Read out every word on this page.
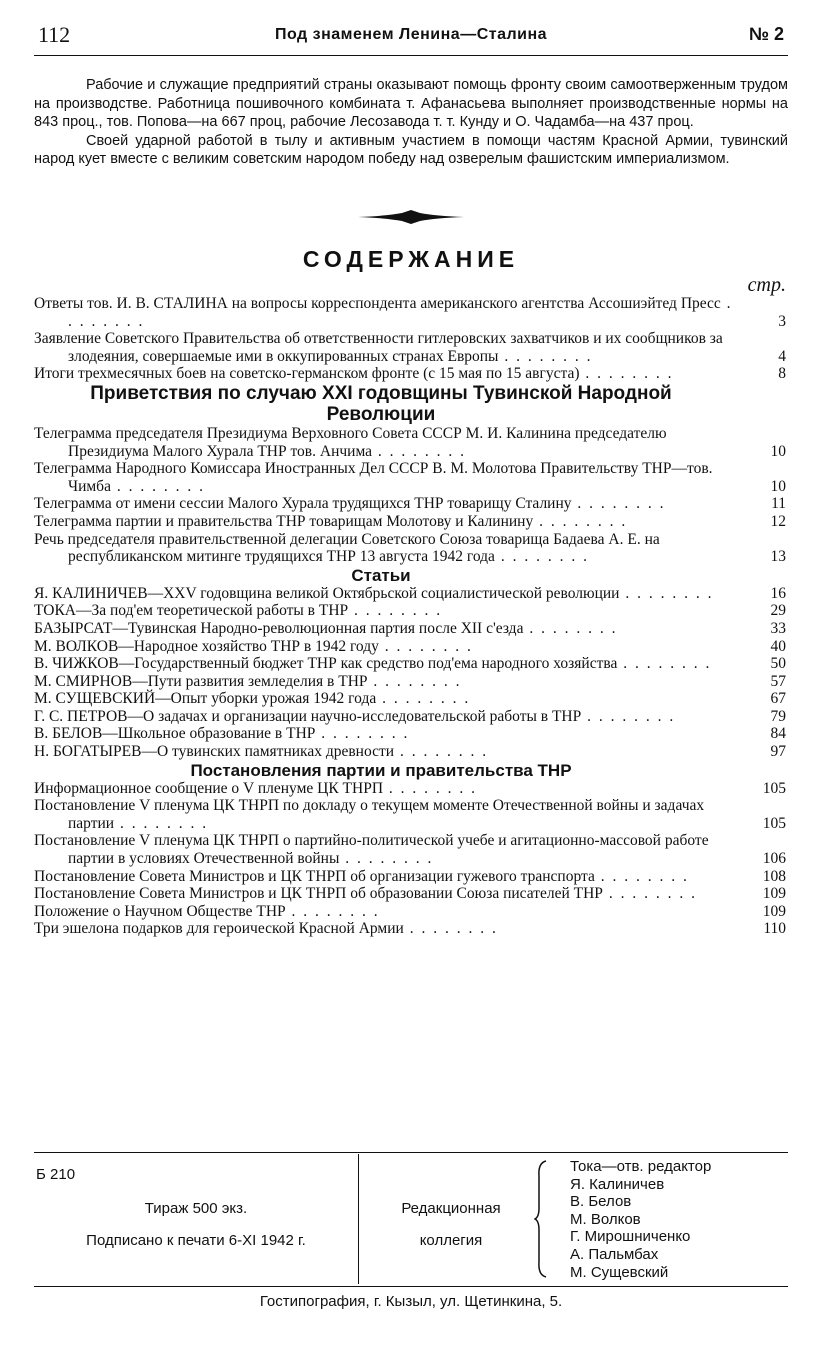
112	Под знаменем Ленина—Сталина	№ 2

Рабочие и служащие предприятий страны оказывают помощь фронту своим самоотверженным трудом на производстве. Работница пошивочного комбината т. Афанасьева выполняет производственные нормы на 843 проц., тов. Попова—на 667 проц, рабочие Лесозавода т. т. Кунду и О. Чадамба—на 437 проц.

Своей ударной работой в тылу и активным участием в помощи частям Красной Армии, тувинский народ кует вместе с великим советским народом победу над озверелым фашистским империализмом.

СОДЕРЖАНИЕ
стр.
Ответы тов. И. В. СТАЛИНА на вопросы корреспондента американского агентства Ассошиэйтед Пресс . . . . . . . .	3
Заявление Советского Правительства об ответственности гитлеровских захватчиков и их сообщников за злодеяния, совершаемые ими в оккупированных странах Европы . . . . . . . .	4
Итоги трехмесячных боев на советско-германском фронте (с 15 мая по 15 августа) . . . . . . . .	8
Приветствия по случаю XXI годовщины Тувинской Народной Революции
Телеграмма председателя Президиума Верховного Совета СССР М. И. Калинина председателю Президиума Малого Хурала ТНР тов. Анчима . . . . . . . .	10
Телеграмма Народного Комиссара Иностранных Дел СССР В. М. Молотова Правительству ТНР—тов. Чимба . . . . . . . .	10
Телеграмма от имени сессии Малого Хурала трудящихся ТНР товарищу Сталину . . . . . . . .	11
Телеграмма партии и правительства ТНР товарищам Молотову и Калинину . . . . . . . .	12
Речь председателя правительственной делегации Советского Союза товарища Бадаева А. Е. на республиканском митинге трудящихся ТНР 13 августа 1942 года . . . . . . . .	13
Статьи
Я. КАЛИНИЧЕВ—XXV годовщина великой Октябрьской социалистической революции . . . . . . . .	16
ТОКА—За под'ем теоретической работы в ТНР . . . . . . . .	29
БАЗЫРСАТ—Тувинская Народно-революционная партия после XII с'езда . . . . . . . .	33
М. ВОЛКОВ—Народное хозяйство ТНР в 1942 году . . . . . . . .	40
В. ЧИЖКОВ—Государственный бюджет ТНР как средство под'ема народного хозяйства . . . . . . . .	50
М. СМИРНОВ—Пути развития земледелия в ТНР . . . . . . . .	57
М. СУЩЕВСКИЙ—Опыт уборки урожая 1942 года . . . . . . . .	67
Г. С. ПЕТРОВ—О задачах и организации научно-исследовательской работы в ТНР . . . . . . . .	79
В. БЕЛОВ—Школьное образование в ТНР . . . . . . . .	84
Н. БОГАТЫРЕВ—О тувинских памятниках древности . . . . . . . .	97
Постановления партии и правительства ТНР
Информационное сообщение о V пленуме ЦК ТНРП . . . . . . . .	105
Постановление V пленума ЦК ТНРП по докладу о текущем моменте Отечественной войны и задачах партии . . . . . . . .	105
Постановление V пленума ЦК ТНРП о партийно-политической учебе и агитационно-массовой работе партии в условиях Отечественной войны . . . . . . . .	106
Постановление Совета Министров и ЦК ТНРП об организации гужевого транспорта . . . . . . . .	108
Постановление Совета Министров и ЦК ТНРП об образовании Союза писателей ТНР . . . . . . . .	109
Положение о Научном Обществе ТНР . . . . . . . .	109
Три эшелона подарков для героической Красной Армии . . . . . . . .	110
Б 210
Тираж 500 экз.
Подписано к печати 6-XI 1942 г.
Редакционная
коллегия
Тока—отв. редактор
Я. Калиничев
В. Белов
М. Волков
Г. Мирошниченко
А. Пальмбах
М. Сущевский
Гостипография, г. Кызыл, ул. Щетинкина, 5.
